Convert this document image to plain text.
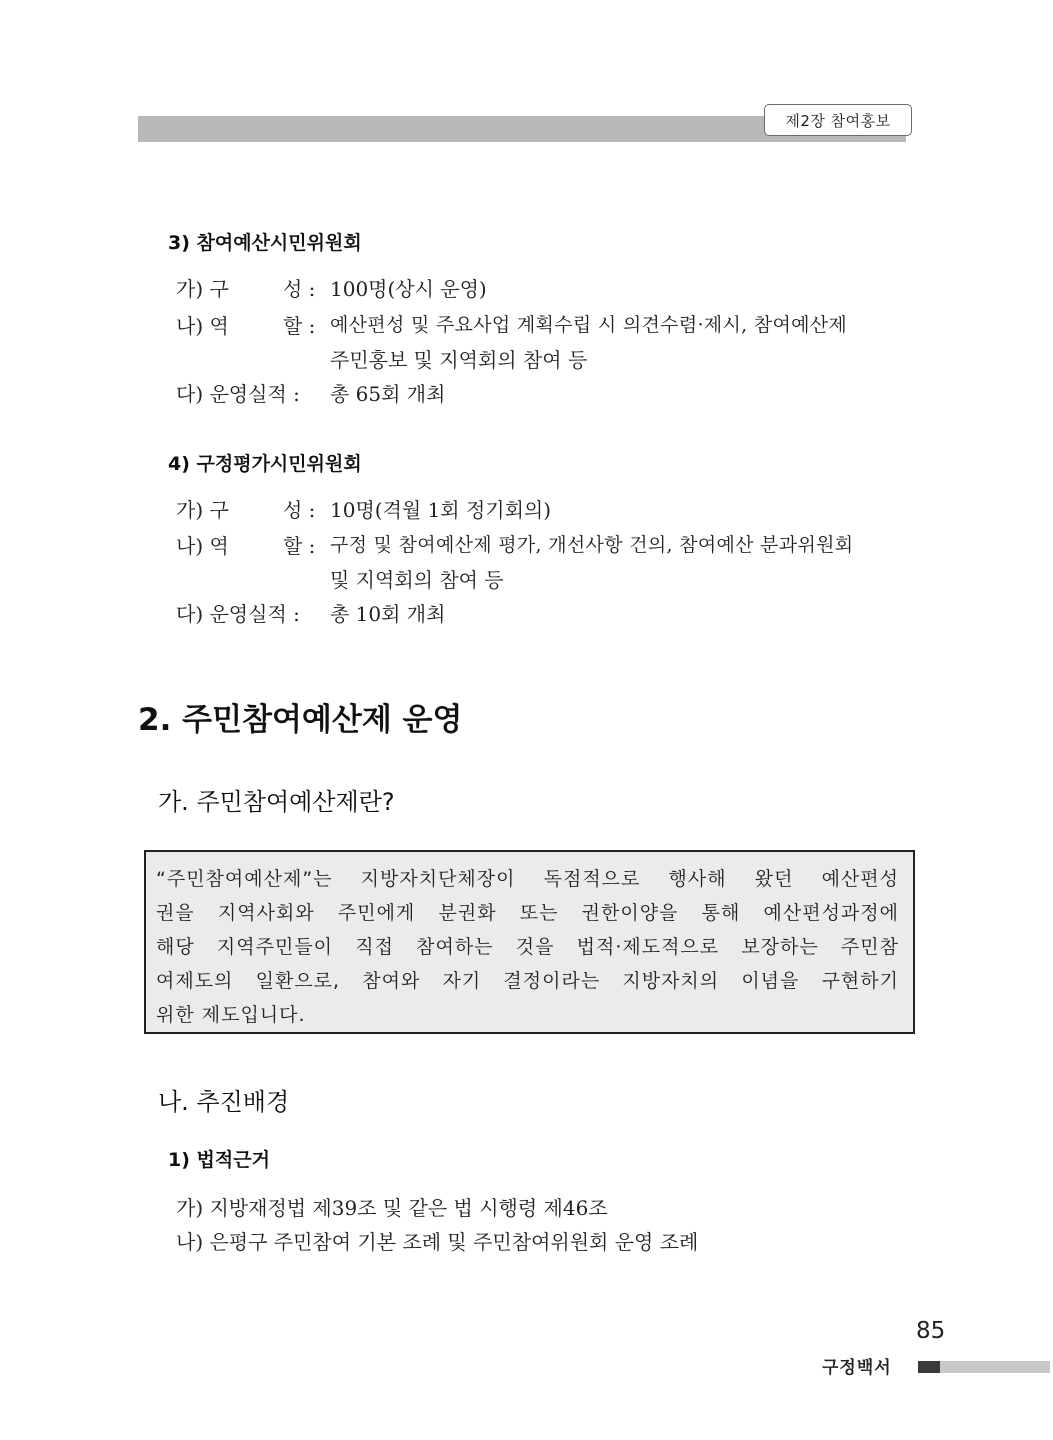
제2장 참여홍보
3) 참여예산시민위원회
가) 구	성 : 100명(상시 운영)
나) 역	할 : 예산편성 및 주요사업 계획수립 시 의견수렴·제시, 참여예산제
주민홍보 및 지역회의 참여 등
다) 운영실적 : 총 65회 개최
4) 구정평가시민위원회
가) 구	성 : 10명(격월 1회 정기회의)
나) 역	할 : 구정 및 참여예산제 평가, 개선사항 건의, 참여예산 분과위원회
및 지역회의 참여 등
다) 운영실적 : 총 10회 개최
2. 주민참여예산제 운영
가. 주민참여예산제란?
“주민참여예산제”는 지방자치단체장이 독점적으로 행사해 왔던 예산편성
권을 지역사회와 주민에게 분권화 또는 권한이양을 통해 예산편성과정에
해당 지역주민들이 직접 참여하는 것을 법적·제도적으로 보장하는 주민참
여제도의 일환으로, 참여와 자기 결정이라는 지방자치의 이념을 구현하기
위한 제도입니다.
나. 추진배경
1) 법적근거
가) 지방재정법 제39조 및 같은 법 시행령 제46조
나) 은평구 주민참여 기본 조례 및 주민참여위원회 운영 조례
85
구정백서
